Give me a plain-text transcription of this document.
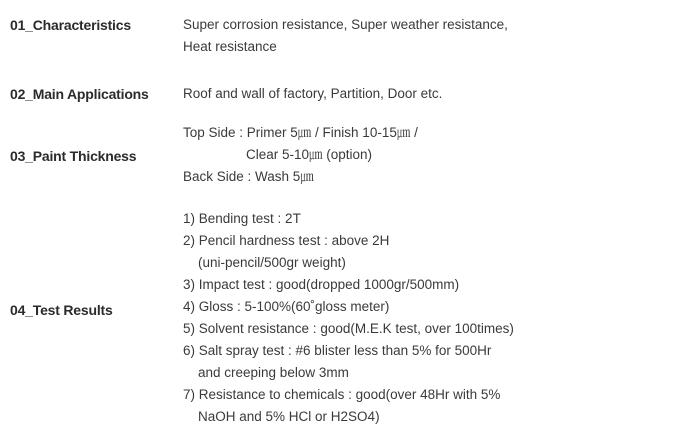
01_Characteristics	Super corrosion resistance, Super weather resistance,
Heat resistance
02_Main Applications	Roof and wall of factory, Partition, Door etc.
03_Paint Thickness
Top Side : Primer 5㎛ / Finish 10-15㎛ /
Clear 5-10㎛ (option)
Back Side : Wash 5㎛
04_Test Results
1) Bending test : 2T
2) Pencil hardness test : above 2H
(uni-pencil/500gr weight)
3) Impact test : good(dropped 1000gr/500mm)
4) Gloss : 5-100%(60˚gloss meter)
5) Solvent resistance : good(M.E.K test, over 100times)
6) Salt spray test : #6 blister less than 5% for 500Hr
and creeping below 3mm
7) Resistance to chemicals : good(over 48Hr with 5%
NaOH and 5% HCl or H2SO4)
